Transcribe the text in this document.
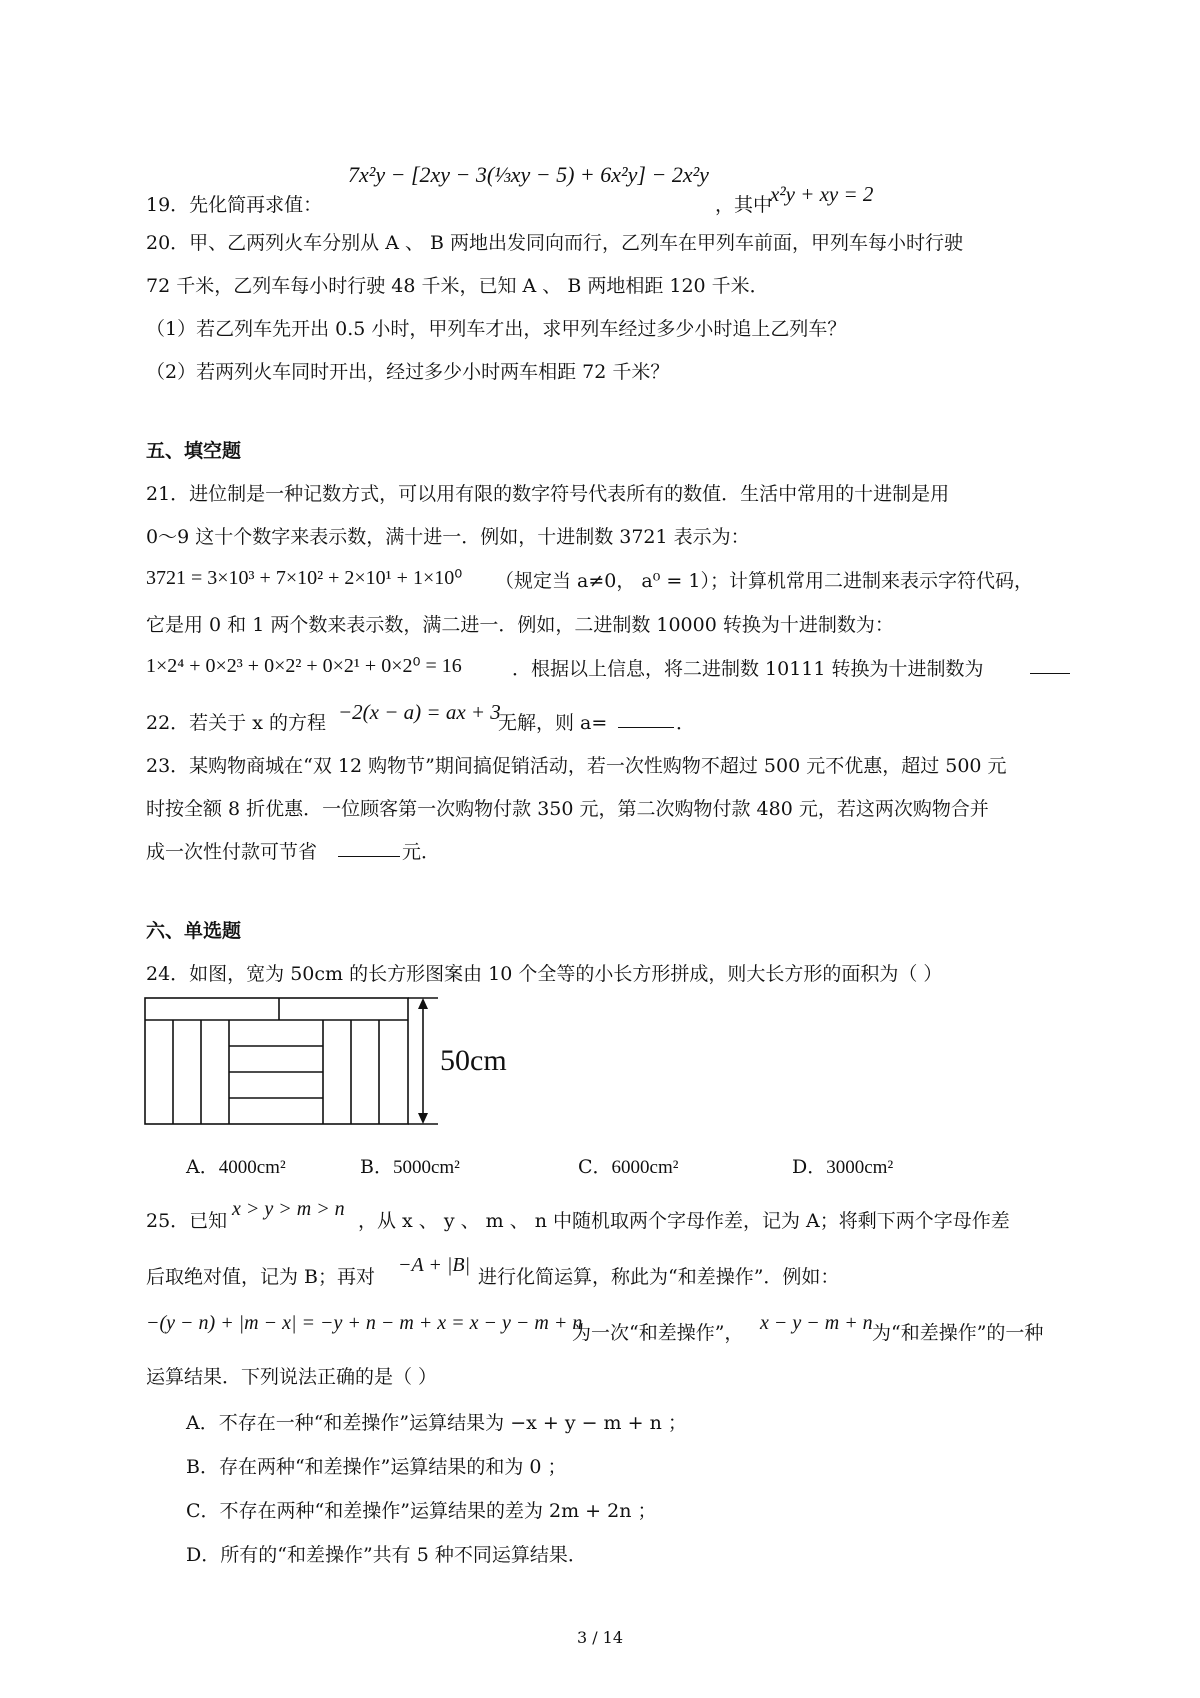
19．先化简再求值：
7x²y − [2xy − 3(⅓xy − 5) + 6x²y] − 2x²y
，其中
x²y + xy = 2
20．甲、乙两列火车分别从 A 、 B 两地出发同向而行，乙列车在甲列车前面，甲列车每小时行驶
72 千米，乙列车每小时行驶 48 千米，已知 A 、 B 两地相距 120 千米．
（1）若乙列车先开出 0.5 小时，甲列车才出，求甲列车经过多少小时追上乙列车？
（2）若两列火车同时开出，经过多少小时两车相距 72 千米？
五、填空题
21．进位制是一种记数方式，可以用有限的数字符号代表所有的数值．生活中常用的十进制是用
0～9 这十个数字来表示数，满十进一．例如，十进制数 3721 表示为：
3721 = 3×10³ + 7×10² + 2×10¹ + 1×10⁰ （规定当 a≠0， a⁰ = 1）；计算机常用二进制来表示字符代码，
它是用 0 和 1 两个数来表示数，满二进一．例如，二进制数 10000 转换为十进制数为：
1×2⁴ + 0×2³ + 0×2² + 0×2¹ + 0×2⁰ = 16	．根据以上信息，将二进制数 10111 转换为十进制数为
22．若关于 x 的方程 −2(x − a) = ax + 3
无解，则 a=	．
23．某购物商城在“双 12 购物节”期间搞促销活动，若一次性购物不超过 500 元不优惠，超过 500 元
时按全额 8 折优惠．一位顾客第一次购物付款 350 元，第二次购物付款 480 元，若这两次购物合并
成一次性付款可节省	元．
六、单选题
24．如图，宽为 50cm 的长方形图案由 10 个全等的小长方形拼成，则大长方形的面积为（ ）
50cm
A．4000cm²	B．5000cm²	C．6000cm²	D．3000cm²
25．已知
x > y > m > n
，从 x 、 y 、 m 、 n 中随机取两个字母作差，记为 A；将剩下两个字母作差
后取绝对值，记为 B；再对
−A + |B|
进行化简运算，称此为“和差操作”．例如：
−(y − n) + |m − x| = −y + n − m + x = x − y − m + n
为一次“和差操作”， x − y − m + n 为“和差操作”的一种
运算结果．下列说法正确的是（ ）
A．不存在一种“和差操作”运算结果为 −x + y − m + n ；
B．存在两种“和差操作”运算结果的和为 0 ；
C．不存在两种“和差操作”运算结果的差为 2m + 2n ；
D．所有的“和差操作”共有 5 种不同运算结果．
3 / 14
